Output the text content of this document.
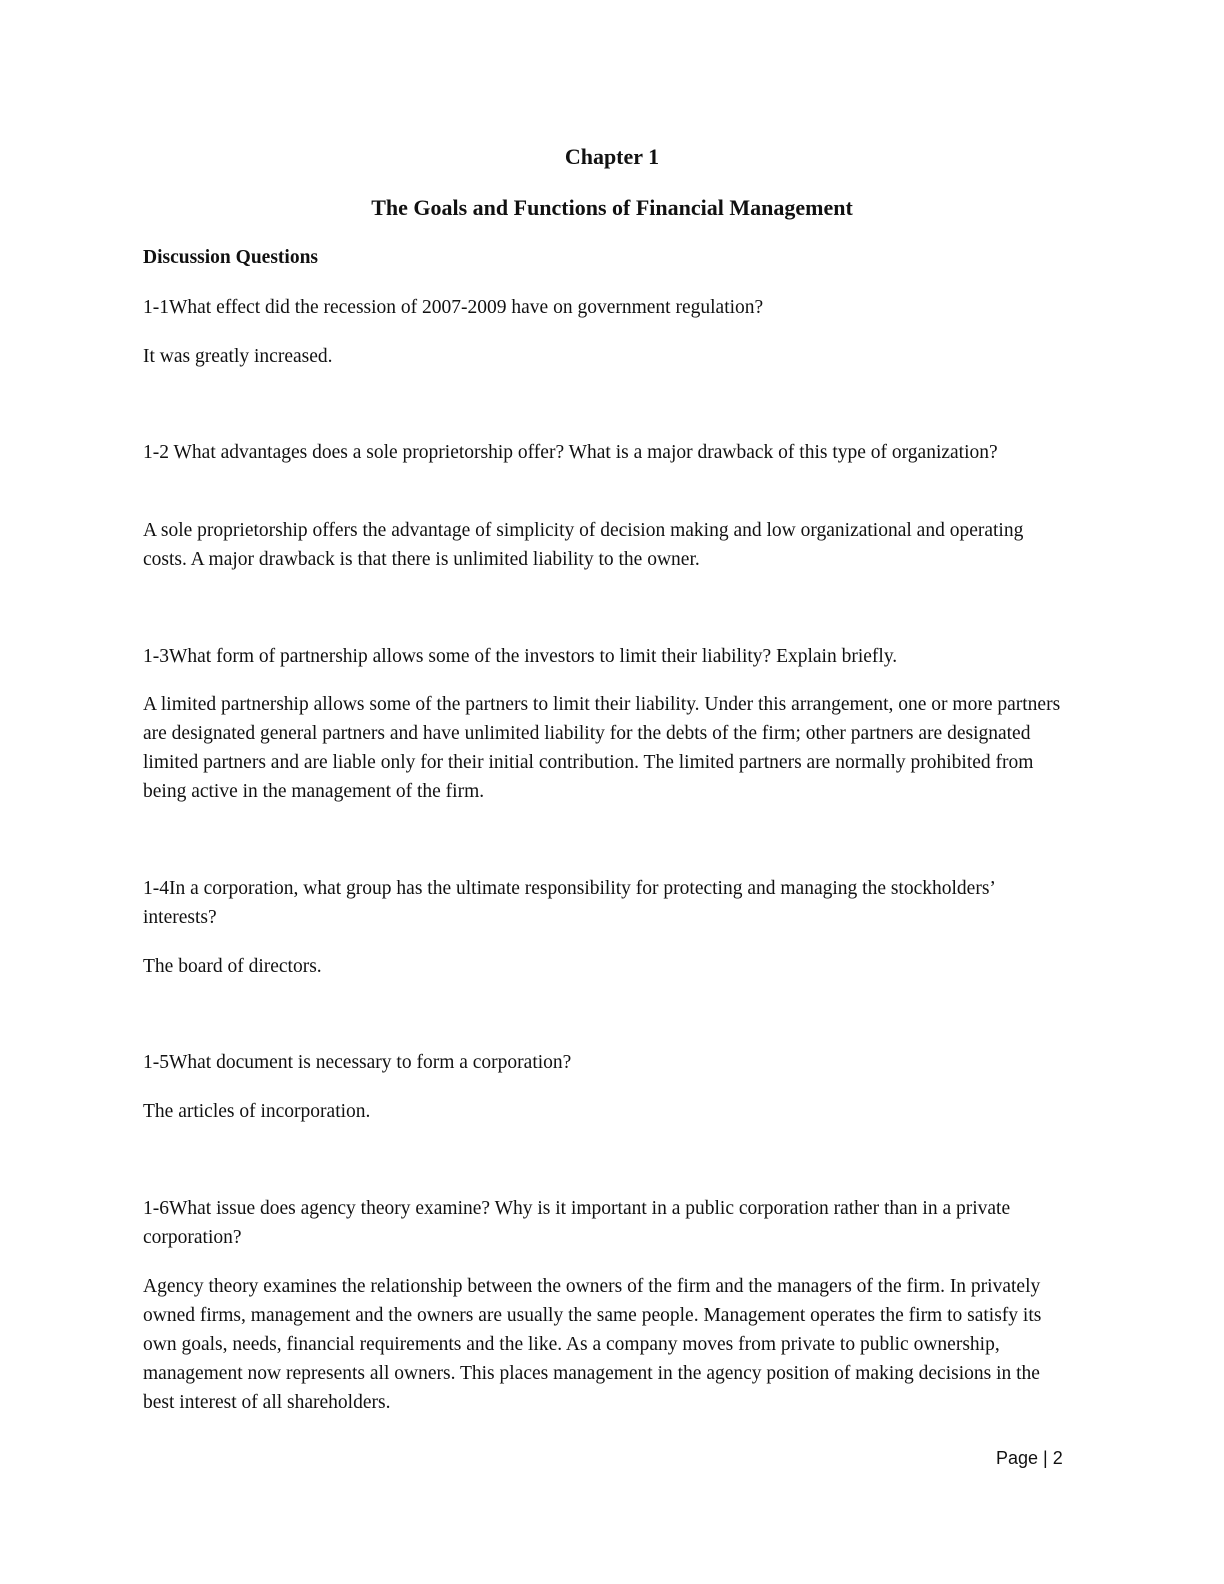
Chapter 1
The Goals and Functions of Financial Management
Discussion Questions

1-1What effect did the recession of 2007-2009 have on government regulation?

It was greatly increased.

1-2 What advantages does a sole proprietorship offer? What is a major drawback of this type of organization?

A sole proprietorship offers the advantage of simplicity of decision making and low organizational and operating costs. A major drawback is that there is unlimited liability to the owner.

1-3What form of partnership allows some of the investors to limit their liability? Explain briefly.

A limited partnership allows some of the partners to limit their liability. Under this arrangement, one or more partners are designated general partners and have unlimited liability for the debts of the firm; other partners are designated limited partners and are liable only for their initial contribution. The limited partners are normally prohibited from being active in the management of the firm.

1-4In a corporation, what group has the ultimate responsibility for protecting and managing the stockholders’ interests?

The board of directors.

1-5What document is necessary to form a corporation?

The articles of incorporation.

1-6What issue does agency theory examine? Why is it important in a public corporation rather than in a private corporation?

Agency theory examines the relationship between the owners of the firm and the managers of the firm. In privately owned firms, management and the owners are usually the same people. Management operates the firm to satisfy its own goals, needs, financial requirements and the like. As a company moves from private to public ownership, management now represents all owners. This places management in the agency position of making decisions in the best interest of all shareholders.

Page | 2
